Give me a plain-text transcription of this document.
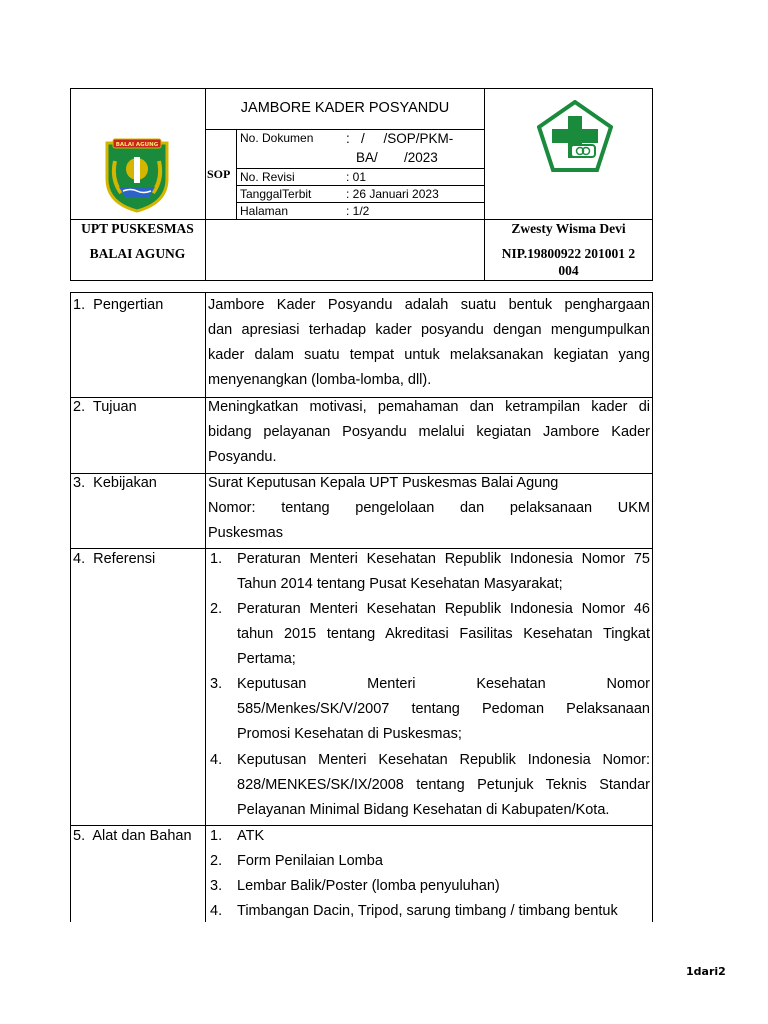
JAMBORE KADER POSYANDU
SOP
No. Dokumen :   /     /SOP/PKM-
BA/       /2023
No. Revisi	: 01
TanggalTerbit	: 26 Januari 2023
Halaman	: 1/2
BALAI AGUNG
UPT PUSKESMAS
BALAI AGUNG
Zwesty Wisma Devi
NIP.19800922 201001 2
004
1.  Pengertian	Jambore Kader Posyandu adalah suatu bentuk penghargaan
dan apresiasi terhadap kader posyandu dengan mengumpulkan
kader dalam suatu tempat untuk melaksanakan kegiatan yang
menyenangkan (lomba-lomba, dll).
2.  Tujuan	Meningkatkan motivasi, pemahaman dan ketrampilan kader di
bidang pelayanan Posyandu melalui kegiatan Jambore Kader
Posyandu.
3.  Kebijakan	Surat Keputusan Kepala UPT Puskesmas Balai Agung
Nomor: tentang pengelolaan dan pelaksanaan UKM
Puskesmas
4.  Referensi	1. Peraturan Menteri Kesehatan Republik Indonesia Nomor 75
Tahun 2014 tentang Pusat Kesehatan Masyarakat;
2. Peraturan Menteri Kesehatan Republik Indonesia Nomor 46
tahun 2015 tentang Akreditasi Fasilitas Kesehatan Tingkat
Pertama;
3. Keputusan Menteri Kesehatan Nomor
585/Menkes/SK/V/2007 tentang Pedoman Pelaksanaan
Promosi Kesehatan di Puskesmas;
4. Keputusan Menteri Kesehatan Republik Indonesia Nomor:
828/MENKES/SK/IX/2008 tentang Petunjuk Teknis Standar
Pelayanan Minimal Bidang Kesehatan di Kabupaten/Kota.
5.  Alat dan Bahan 1. ATK
2. Form Penilaian Lomba
3. Lembar Balik/Poster (lomba penyuluhan)
4. Timbangan Dacin, Tripod, sarung timbang / timbang bentuk
1dari2
